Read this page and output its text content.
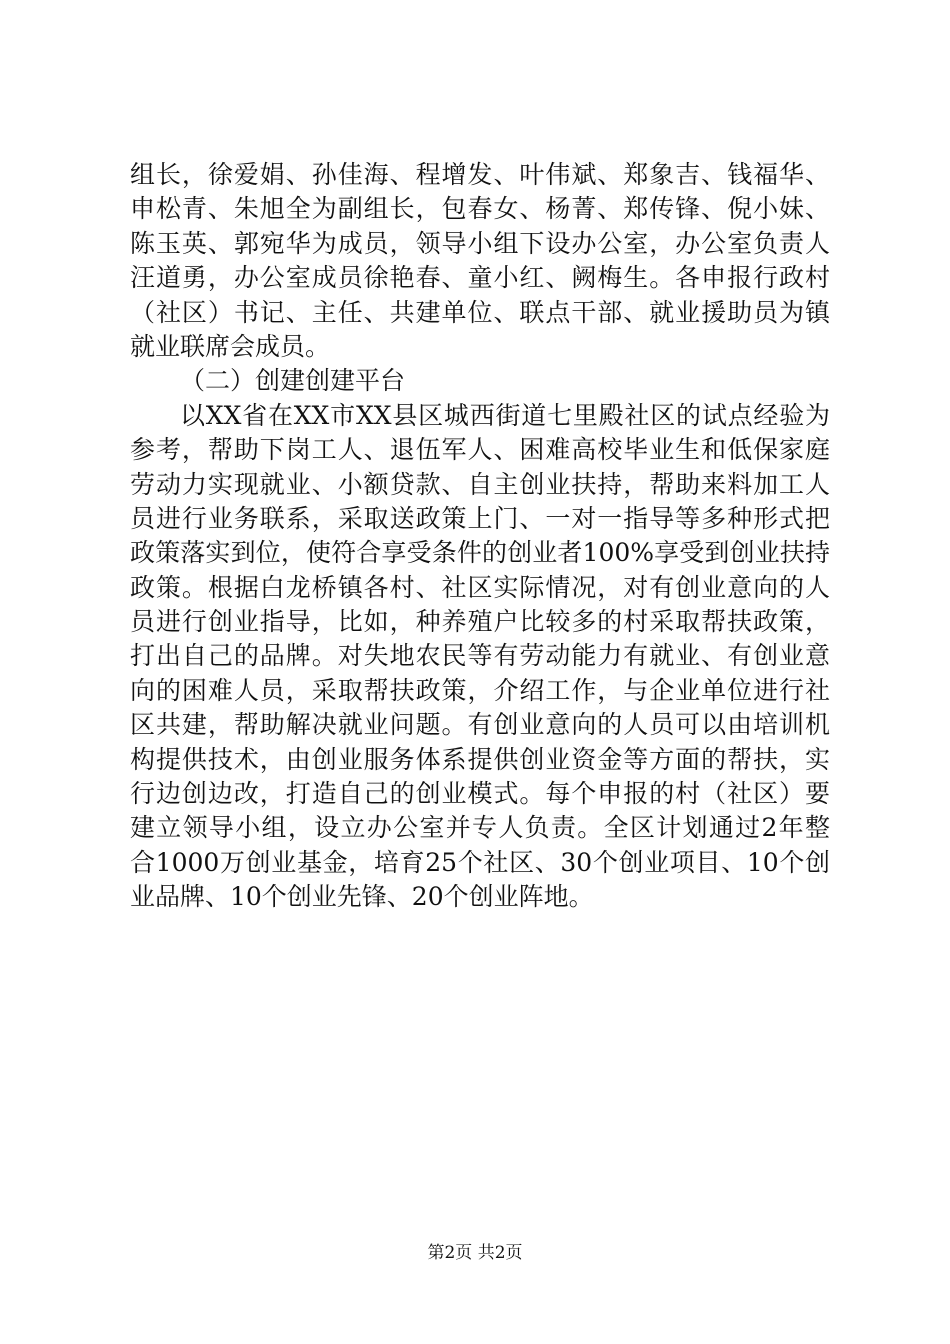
组长，徐爱娟、孙佳海、程增发、叶伟斌、郑象吉、钱福华、
申松青、朱旭全为副组长，包春女、杨菁、郑传锋、倪小妹、
陈玉英、郭宛华为成员，领导小组下设办公室，办公室负责人
汪道勇，办公室成员徐艳春、童小红、阙梅生。各申报行政村
（社区）书记、主任、共建单位、联点干部、就业援助员为镇
就业联席会成员。
（二）创建创建平台
以XX省在XX市XX县区城西街道七里殿社区的试点经验为
参考，帮助下岗工人、退伍军人、困难高校毕业生和低保家庭
劳动力实现就业、小额贷款、自主创业扶持，帮助来料加工人
员进行业务联系，采取送政策上门、一对一指导等多种形式把
政策落实到位，使符合享受条件的创业者100%享受到创业扶持
政策。根据白龙桥镇各村、社区实际情况，对有创业意向的人
员进行创业指导，比如，种养殖户比较多的村采取帮扶政策，
打出自己的品牌。对失地农民等有劳动能力有就业、有创业意
向的困难人员，采取帮扶政策，介绍工作，与企业单位进行社
区共建，帮助解决就业问题。有创业意向的人员可以由培训机
构提供技术，由创业服务体系提供创业资金等方面的帮扶，实
行边创边改，打造自己的创业模式。每个申报的村（社区）要
建立领导小组，设立办公室并专人负责。全区计划通过2年整
合1000万创业基金，培育25个社区、30个创业项目、10个创
业品牌、10个创业先锋、20个创业阵地。
第2页 共2页
